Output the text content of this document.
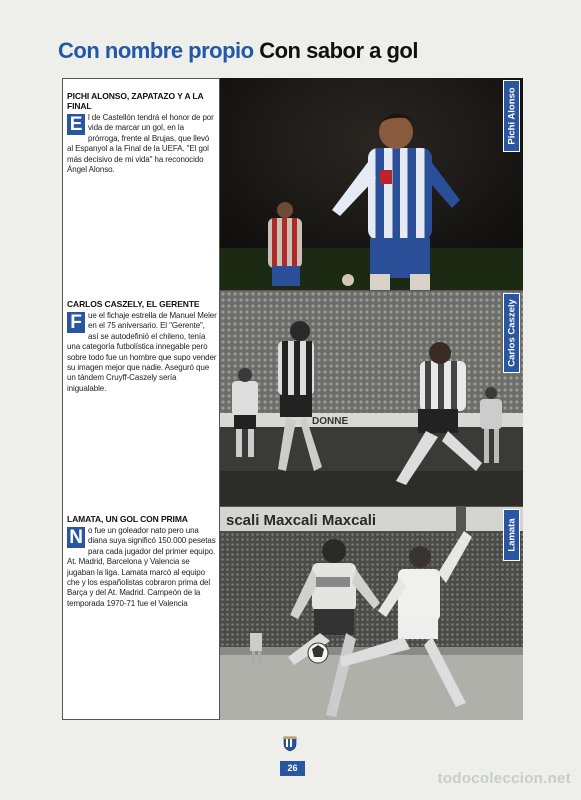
Con nombre propio Con sabor a gol
PICHI ALONSO, ZAPATAZO Y A LA FINAL
E l de Castellón tendrá el honor de por vida de marcar un gol, en la prórroga, frente al Brujas, que llevó al Espanyol a la Final de la UEFA. "El gol más decisivo de mi vida" ha reconocido Ángel Alonso.
Pichi Alonso
CARLOS CASZELY, EL GERENTE
F ue el fichaje estrella de Manuel Meler en el 75 aniversario. El "Gerente", así se autodefinió el chileno, tenía una categoría futbolística innegable pero sobre todo fue un hombre que supo vender su imagen mejor que nadie. Aseguró que un tándem Cruyff-Caszely sería inigualable.
DONNE
Carlos Caszely
LAMATA, UN GOL CON PRIMA
N o fue un goleador nato pero una diana suya significó 150.000 pesetas para cada jugador del primer equipo. At. Madrid, Barcelona y Valencia se jugaban la liga. Lamata marcó al equipo che y los españolistas cobraron prima del Barça y del At. Madrid. Campeón de la temporada 1970-71 fue el Valencia
scali Maxcali Maxcali	Lamata
26
todocoleccion.net
